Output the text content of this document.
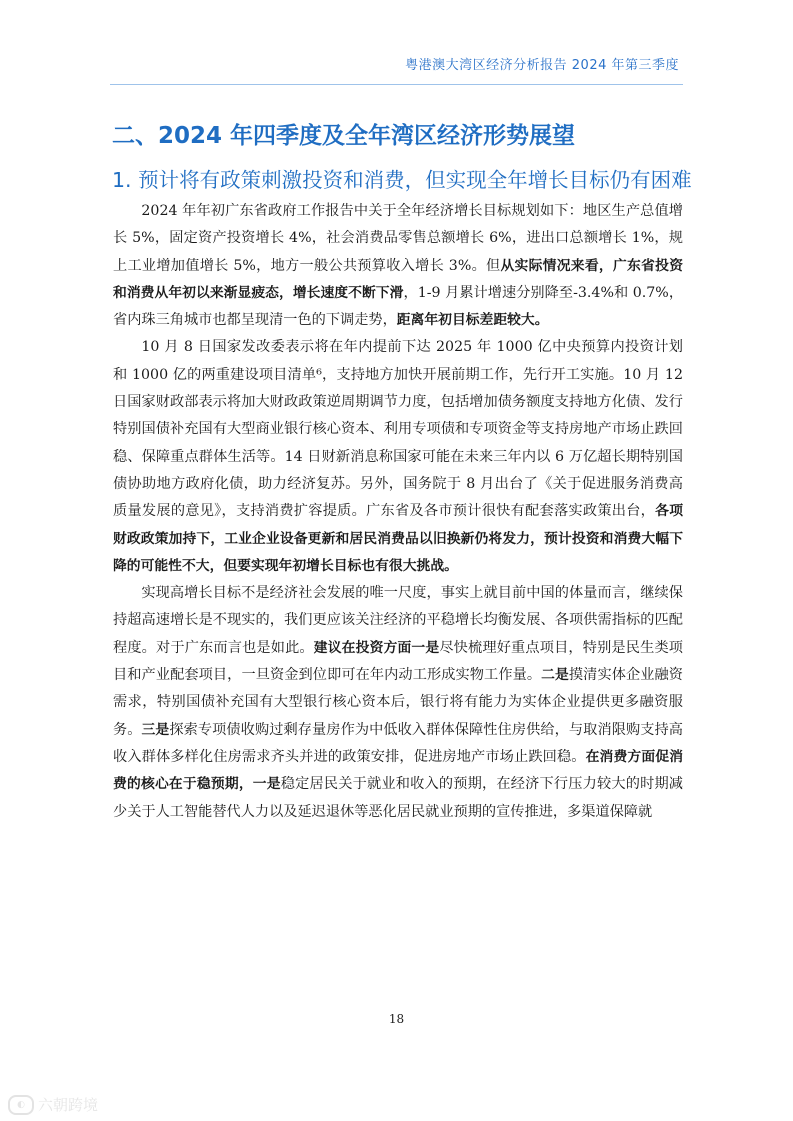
粤港澳大湾区经济分析报告 2024 年第三季度
二、2024 年四季度及全年湾区经济形势展望
1. 预计将有政策刺激投资和消费，但实现全年增长目标仍有困难

2024 年年初广东省政府工作报告中关于全年经济增长目标规划如下：地区生产总值增长 5%，固定资产投资增长 4%，社会消费品零售总额增长 6%，进出口总额增长 1%，规上工业增加值增长 5%，地方一般公共预算收入增长 3%。但从实际情况来看，广东省投资和消费从年初以来渐显疲态，增长速度不断下滑，1-9 月累计增速分别降至-3.4%和 0.7%，省内珠三角城市也都呈现清一色的下调走势，距离年初目标差距较大。

10 月 8 日国家发改委表示将在年内提前下达 2025 年 1000 亿中央预算内投资计划和 1000 亿的两重建设项目清单⁶，支持地方加快开展前期工作，先行开工实施。10 月 12 日国家财政部表示将加大财政政策逆周期调节力度，包括增加债务额度支持地方化债、发行特别国债补充国有大型商业银行核心资本、利用专项债和专项资金等支持房地产市场止跌回稳、保障重点群体生活等。14 日财新消息称国家可能在未来三年内以 6 万亿超长期特别国债协助地方政府化债，助力经济复苏。另外，国务院于 8 月出台了《关于促进服务消费高质量发展的意见》，支持消费扩容提质。广东省及各市预计很快有配套落实政策出台，各项财政政策加持下，工业企业设备更新和居民消费品以旧换新仍将发力，预计投资和消费大幅下降的可能性不大，但要实现年初增长目标也有很大挑战。

实现高增长目标不是经济社会发展的唯一尺度，事实上就目前中国的体量而言，继续保持超高速增长是不现实的，我们更应该关注经济的平稳增长均衡发展、各项供需指标的匹配程度。对于广东而言也是如此。建议在投资方面一是尽快梳理好重点项目，特别是民生类项目和产业配套项目，一旦资金到位即可在年内动工形成实物工作量。二是摸清实体企业融资需求，特别国债补充国有大型银行核心资本后，银行将有能力为实体企业提供更多融资服务。三是探索专项债收购过剩存量房作为中低收入群体保障性住房供给，与取消限购支持高收入群体多样化住房需求齐头并进的政策安排，促进房地产市场止跌回稳。在消费方面促消费的核心在于稳预期，一是稳定居民关于就业和收入的预期，在经济下行压力较大的时期减少关于人工智能替代人力以及延迟退休等恶化居民就业预期的宣传推进，多渠道保障就

18
◐ 六朝跨境
